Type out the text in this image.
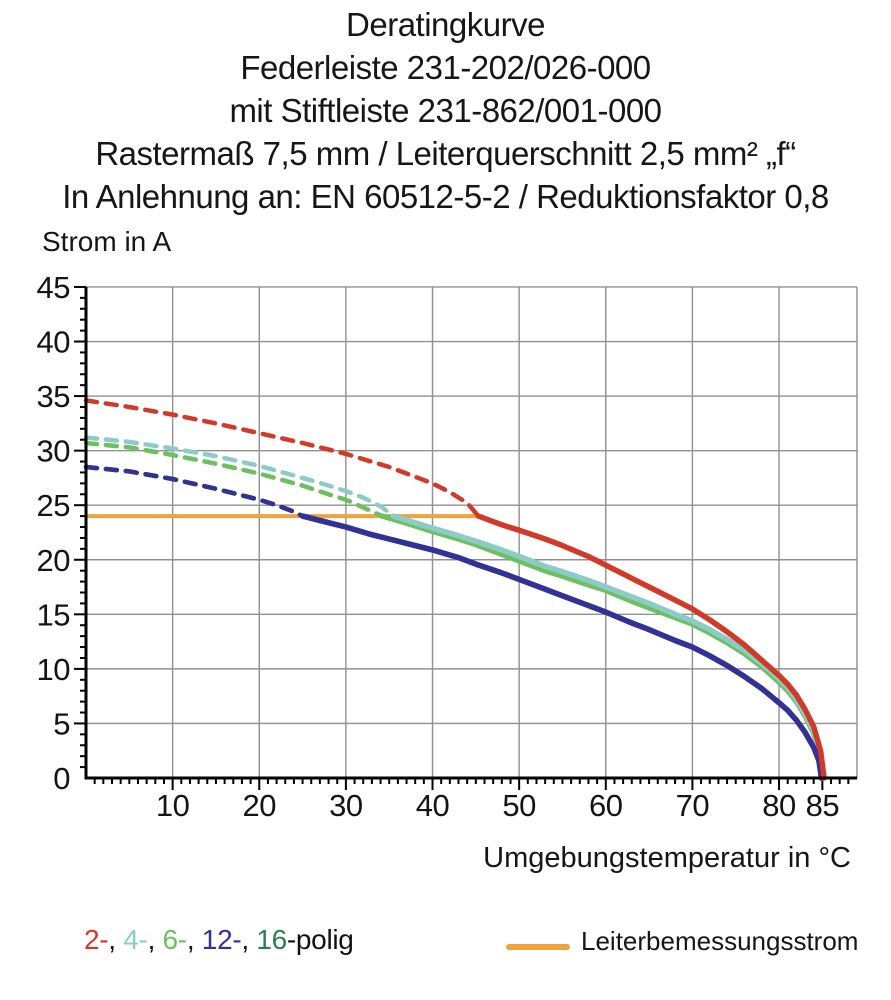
Deratingkurve
Federleiste 231-202/026-000
mit Stiftleiste 231-862/001-000
Rastermaß 7,5 mm / Leiterquerschnitt 2,5 mm² „f“
In Anlehnung an: EN 60512-5-2 / Reduktionsfaktor 0,8
Strom in A
Umgebungstemperatur in °C
10 20 30 40 50 60 70 80 85
0
5
10
15
20
25
30
35
40
45
2-, 4-, 6-, 12-, 16-polig	Leiterbemessungsstrom
